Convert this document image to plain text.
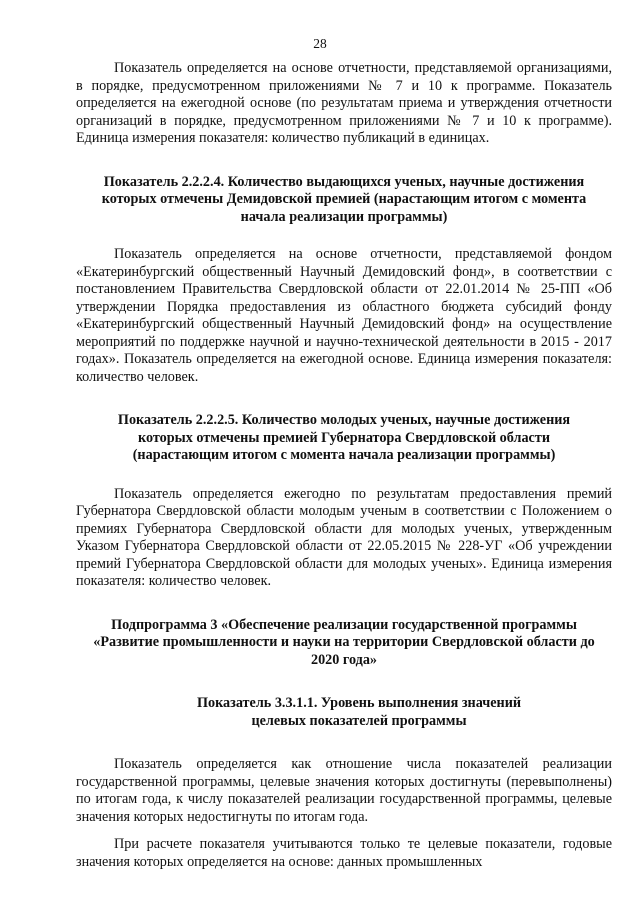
28

Показатель определяется на основе отчетности, представляемой организациями, в порядке, предусмотренном приложениями № 7 и 10 к программе. Показатель определяется на ежегодной основе (по результатам приема и утверждения отчетности организаций в порядке, предусмотренном приложениями № 7 и 10 к программе). Единица измерения показателя: количество публикаций в единицах.

Показатель 2.2.2.4. Количество выдающихся ученых, научные достижения которых отмечены Демидовской премией (нарастающим итогом с момента начала реализации программы)

Показатель определяется на основе отчетности, представляемой фондом «Екатеринбургский общественный Научный Демидовский фонд», в соответствии с постановлением Правительства Свердловской области от 22.01.2014 № 25-ПП «Об утверждении Порядка предоставления из областного бюджета субсидий фонду «Екатеринбургский общественный Научный Демидовский фонд» на осуществление мероприятий по поддержке научной и научно-технической деятельности в 2015 - 2017 годах». Показатель определяется на ежегодной основе. Единица измерения показателя: количество человек.

Показатель 2.2.2.5. Количество молодых ученых, научные достижения которых отмечены премией Губернатора Свердловской области (нарастающим итогом с момента начала реализации программы)

Показатель определяется ежегодно по результатам предоставления премий Губернатора Свердловской области молодым ученым в соответствии с Положением о премиях Губернатора Свердловской области для молодых ученых, утвержденным Указом Губернатора Свердловской области от 22.05.2015 № 228-УГ «Об учреждении премий Губернатора Свердловской области для молодых ученых». Единица измерения показателя: количество человек.

Подпрограмма 3 «Обеспечение реализации государственной программы «Развитие промышленности и науки на территории Свердловской области до 2020 года»
Показатель 3.3.1.1. Уровень выполнения значений целевых показателей программы

Показатель определяется как отношение числа показателей реализации государственной программы, целевые значения которых достигнуты (перевыполнены) по итогам года, к числу показателей реализации государственной программы, целевые значения которых недостигнуты по итогам года.

При расчете показателя учитываются только те целевые показатели, годовые значения которых определяется на основе: данных промышленных
